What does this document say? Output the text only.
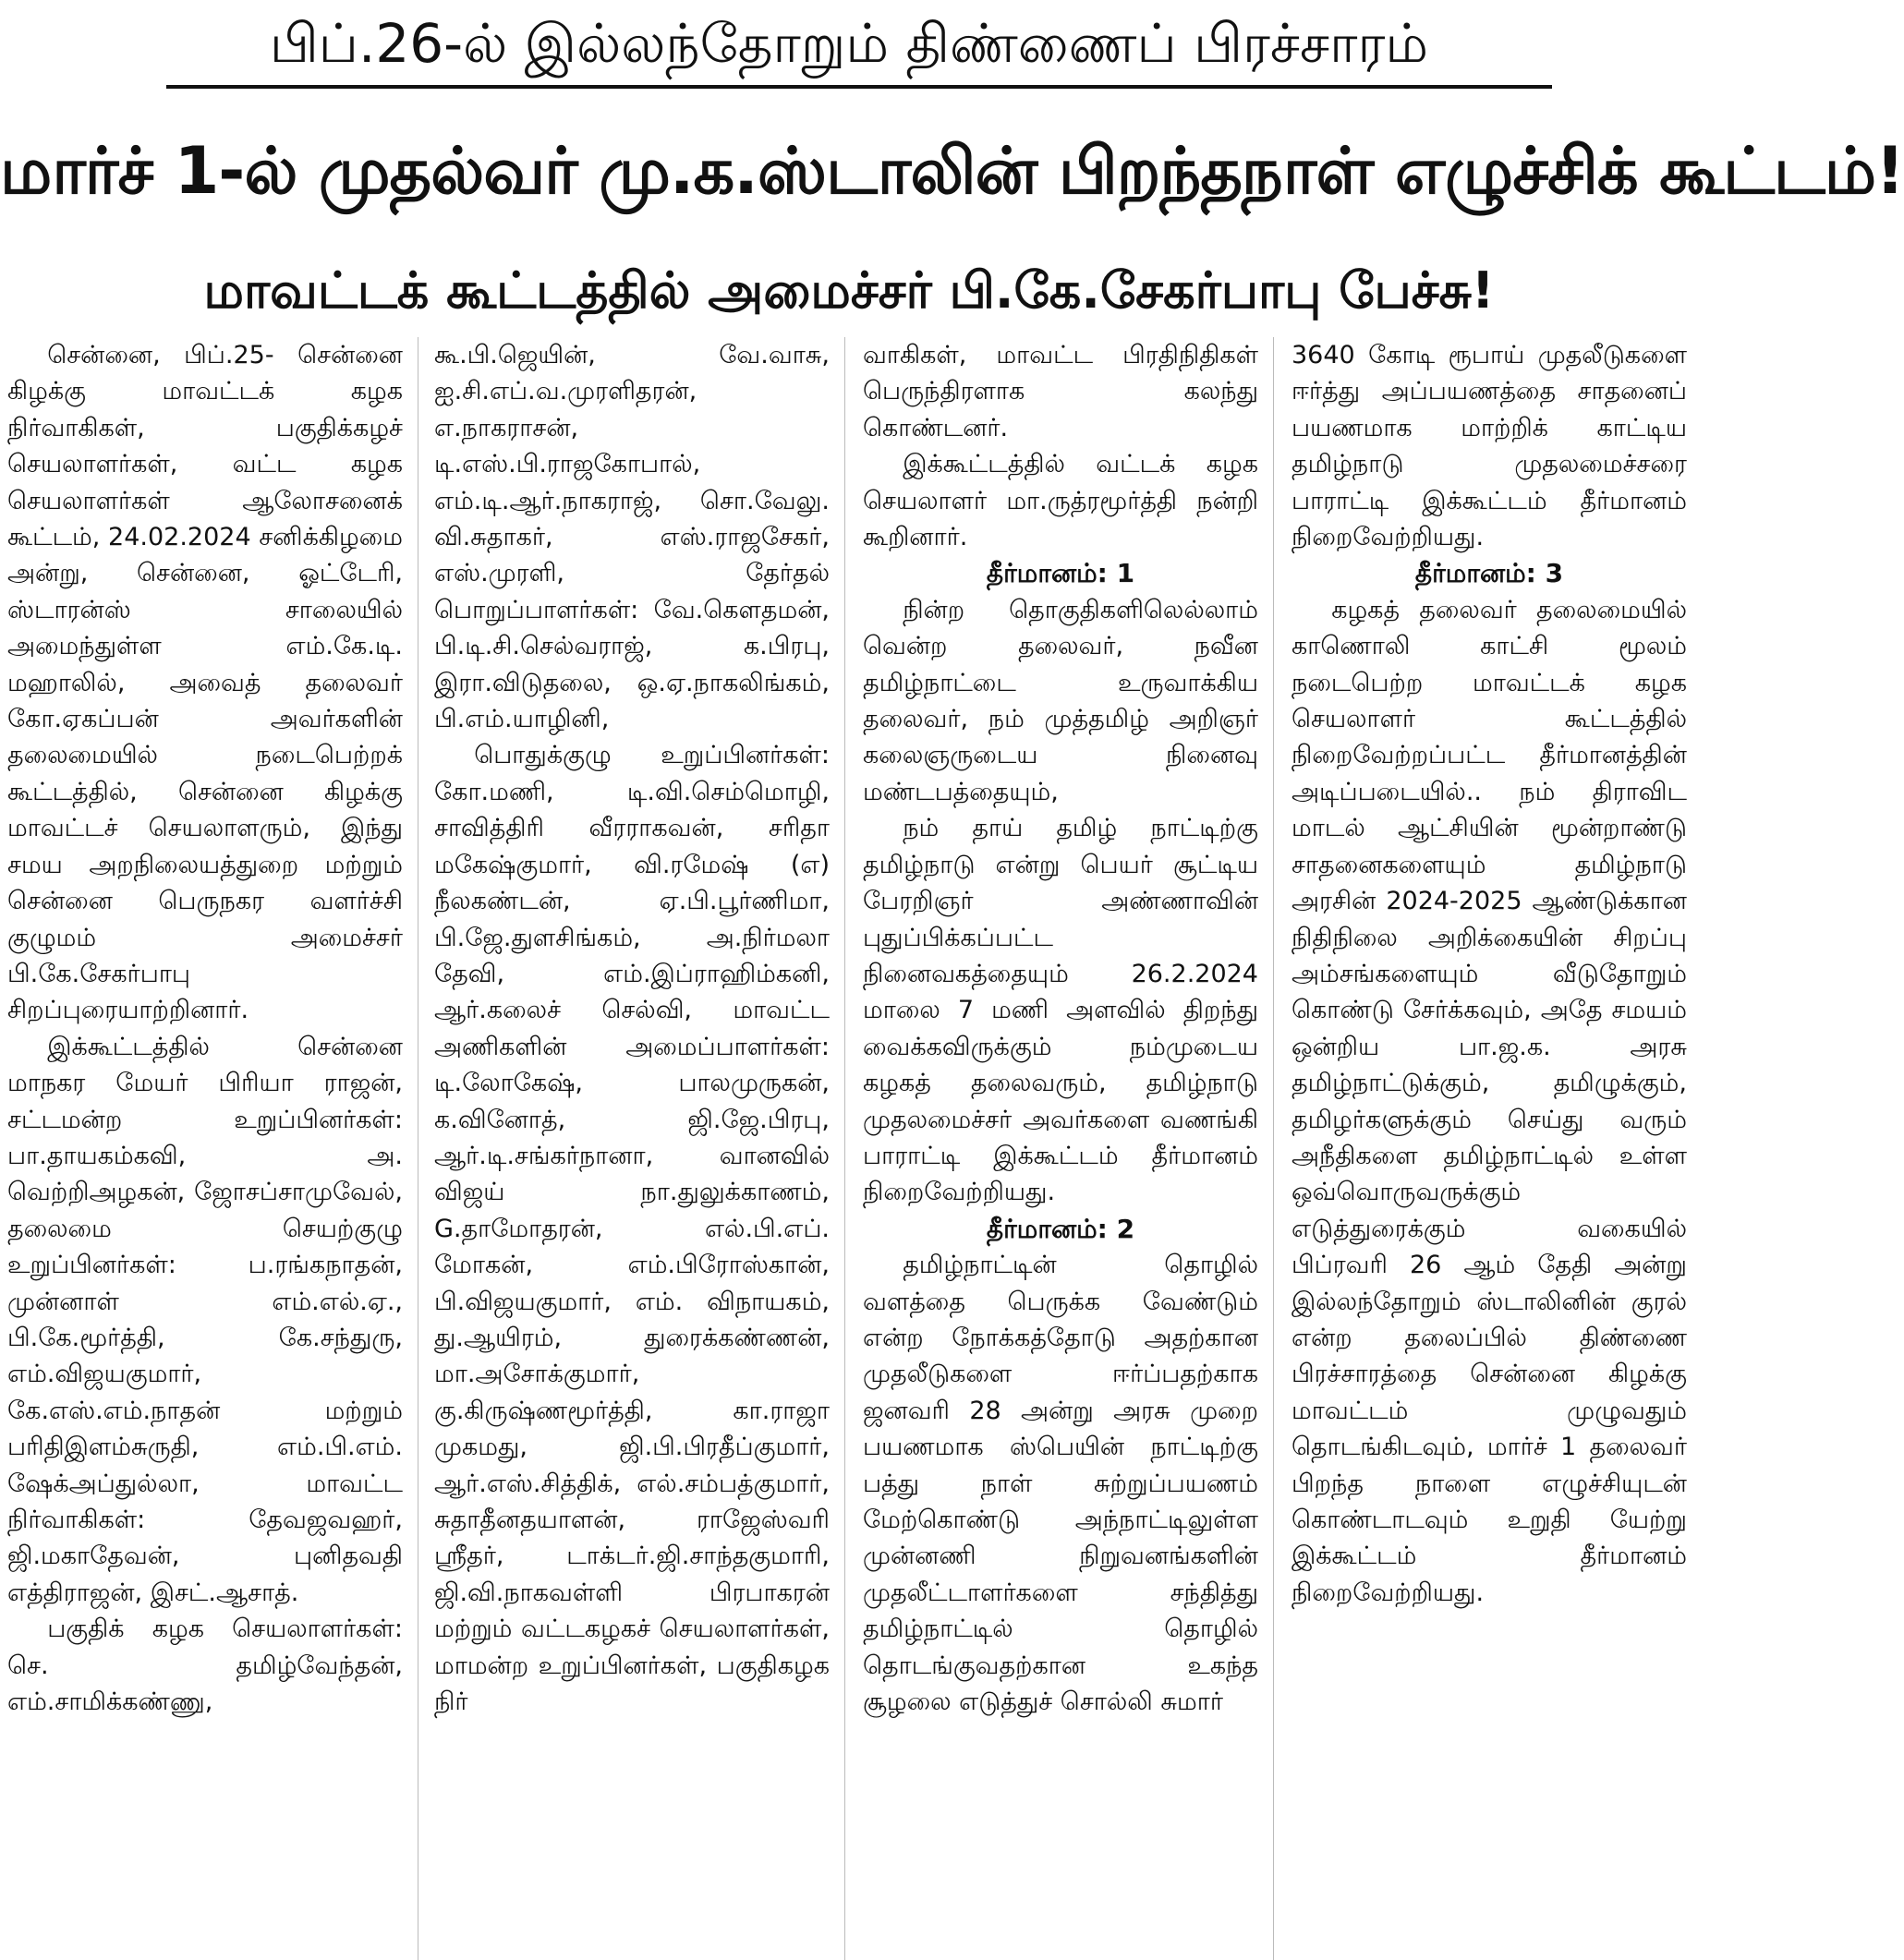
பிப்.26-ல் இல்லந்தோறும் திண்ணைப் பிரச்சாரம்
மார்ச் 1-ல் முதல்வர் மு.க.ஸ்டாலின் பிறந்தநாள் எழுச்சிக் கூட்டம்!
மாவட்டக் கூட்டத்தில் அமைச்சர் பி.கே.சேகர்பாபு பேச்சு!

சென்னை, பிப்.25- சென்னை கிழக்கு மாவட்டக் கழக நிர்வாகிகள், பகுதிக்கழச் செயலாளர்கள், வட்ட கழக செயலாளர்கள் ஆலோசனைக் கூட்டம், 24.02.2024 சனிக்கிழமை அன்று, சென்னை, ஓட்டேரி, ஸ்டாரன்ஸ் சாலையில் அமைந்துள்ள எம்.கே.டி. மஹாலில், அவைத் தலைவர் கோ.ஏகப்பன் அவர்களின் தலைமையில் நடைபெற்றக் கூட்டத்தில், சென்னை கிழக்கு மாவட்டச் செயலாளரும், இந்து சமய அறநிலையத்துறை மற்றும் சென்னை பெருநகர வளர்ச்சி குழுமம் அமைச்சர் பி.கே.சேகர்பாபு சிறப்புரையாற்றினார்.

இக்கூட்டத்தில் சென்னை மாநகர மேயர் பிரியா ராஜன், சட்டமன்ற உறுப்பினர்கள்: பா.தாயகம்கவி, அ. வெற்றிஅழகன், ஜோசப்சாமுவேல், தலைமை செயற்குழு உறுப்பினர்கள்: ப.ரங்கநாதன், முன்னாள் எம்.எல்.ஏ., பி.கே.மூர்த்தி, கே.சந்துரு, எம்.விஜயகுமார், கே.எஸ்.எம்.நாதன் மற்றும் பரிதிஇளம்சுருதி, எம்.பி.எம். ஷேக்அப்துல்லா, மாவட்ட நிர்வாகிகள்: தேவஜவஹர், ஜி.மகாதேவன், புனிதவதி எத்திராஜன், இசட்.ஆசாத்.

பகுதிக் கழக செயலாளர்கள்: செ. தமிழ்வேந்தன், எம்.சாமிக்கண்ணு,

கூ.பி.ஜெயின், வே.வாசு, ஐ.சி.எப்.வ.முரளிதரன், எ.நாகராசன், டி.எஸ்.பி.ராஜகோபால், எம்.டி.ஆர்.நாகராஜ், சொ.வேலு. வி.சுதாகர், எஸ்.ராஜசேகர், எஸ்.முரளி, தேர்தல் பொறுப்பாளர்கள்: வே.கௌதமன், பி.டி.சி.செல்வராஜ், க.பிரபு, இரா.விடுதலை, ஒ.ஏ.நாகலிங்கம், பி.எம்.யாழினி,

பொதுக்குழு உறுப்பினர்கள்: கோ.மணி, டி.வி.செம்மொழி, சாவித்திரி வீரராகவன், சரிதா மகேஷ்குமார், வி.ரமேஷ் (எ) நீலகண்டன், ஏ.பி.பூர்ணிமா, பி.ஜே.துளசிங்கம், அ.நிர்மலா தேவி, எம்.இப்ராஹிம்கனி, ஆர்.கலைச் செல்வி, மாவட்ட அணிகளின் அமைப்பாளர்கள்: டி.லோகேஷ், பாலமுருகன், க.வினோத், ஜி.ஜே.பிரபு, ஆர்.டி.சங்கர்நானா, வானவில் விஜய் நா.துலுக்காணம், G.தாமோதரன், எல்.பி.எப். மோகன், எம்.பிரோஸ்கான், பி.விஜயகுமார், எம். விநாயகம், து.ஆயிரம், துரைக்கண்ணன், மா.அசோக்குமார், கு.கிருஷ்ணமூர்த்தி, கா.ராஜா முகமது, ஜி.பி.பிரதீப்குமார், ஆர்.எஸ்.சித்திக், எல்.சம்பத்குமார், சுதாதீனதயாளன், ராஜேஸ்வரி ஸ்ரீதர், டாக்டர்.ஜி.சாந்தகுமாரி, ஜி.வி.நாகவள்ளி பிரபாகரன் மற்றும் வட்டகழகச் செயலாளர்கள், மாமன்ற உறுப்பினர்கள், பகுதிகழக நிர்

வாகிகள், மாவட்ட பிரதிநிதிகள் பெருந்திரளாக கலந்து கொண்டனர்.

இக்கூட்டத்தில் வட்டக் கழக செயலாளர் மா.ருத்ரமூர்த்தி நன்றி கூறினார்.

தீர்மானம்: 1

நின்ற தொகுதிகளிலெல்லாம் வென்ற தலைவர், நவீன தமிழ்நாட்டை உருவாக்கிய தலைவர், நம் முத்தமிழ் அறிஞர் கலைஞருடைய நினைவு மண்டபத்தையும்,

நம் தாய் தமிழ் நாட்டிற்கு தமிழ்நாடு என்று பெயர் சூட்டிய பேரறிஞர் அண்ணாவின் புதுப்பிக்கப்பட்ட நினைவகத்தையும் 26.2.2024 மாலை 7 மணி அளவில் திறந்து வைக்கவிருக்கும் நம்முடைய கழகத் தலைவரும், தமிழ்நாடு முதலமைச்சர் அவர்களை வணங்கி பாராட்டி இக்கூட்டம் தீர்மானம் நிறைவேற்றியது.

தீர்மானம்: 2

தமிழ்நாட்டின் தொழில் வளத்தை பெருக்க வேண்டும் என்ற நோக்கத்தோடு அதற்கான முதலீடுகளை ஈர்ப்பதற்காக ஜனவரி 28 அன்று அரசு முறை பயணமாக ஸ்பெயின் நாட்டிற்கு பத்து நாள் சுற்றுப்பயணம் மேற்கொண்டு அந்நாட்டிலுள்ள முன்னணி நிறுவனங்களின் முதலீட்டாளர்களை சந்தித்து தமிழ்நாட்டில் தொழில் தொடங்குவதற்கான உகந்த சூழலை எடுத்துச் சொல்லி சுமார்

3640 கோடி ரூபாய் முதலீடுகளை ஈர்த்து அப்பயணத்தை சாதனைப் பயணமாக மாற்றிக் காட்டிய தமிழ்நாடு முதலமைச்சரை பாராட்டி இக்கூட்டம் தீர்மானம் நிறைவேற்றியது.

தீர்மானம்: 3

கழகத் தலைவர் தலைமையில் காணொலி காட்சி மூலம் நடைபெற்ற மாவட்டக் கழக செயலாளர் கூட்டத்தில் நிறைவேற்றப்பட்ட தீர்மானத்தின் அடிப்படையில்.. நம் திராவிட மாடல் ஆட்சியின் மூன்றாண்டு சாதனைகளையும் தமிழ்நாடு அரசின் 2024-2025 ஆண்டுக்கான நிதிநிலை அறிக்கையின் சிறப்பு அம்சங்களையும் வீடுதோறும் கொண்டு சேர்க்கவும், அதே சமயம் ஒன்றிய பா.ஜ.க. அரசு தமிழ்நாட்டுக்கும், தமிழுக்கும், தமிழர்களுக்கும் செய்து வரும் அநீதிகளை தமிழ்நாட்டில் உள்ள ஒவ்வொருவருக்கும் எடுத்துரைக்கும் வகையில் பிப்ரவரி 26 ஆம் தேதி அன்று இல்லந்தோறும் ஸ்டாலினின் குரல் என்ற தலைப்பில் திண்ணை பிரச்சாரத்தை சென்னை கிழக்கு மாவட்டம் முழுவதும் தொடங்கிடவும், மார்ச் 1 தலைவர் பிறந்த நாளை எழுச்சியுடன் கொண்டாடவும் உறுதி யேற்று இக்கூட்டம் தீர்மானம் நிறைவேற்றியது.
